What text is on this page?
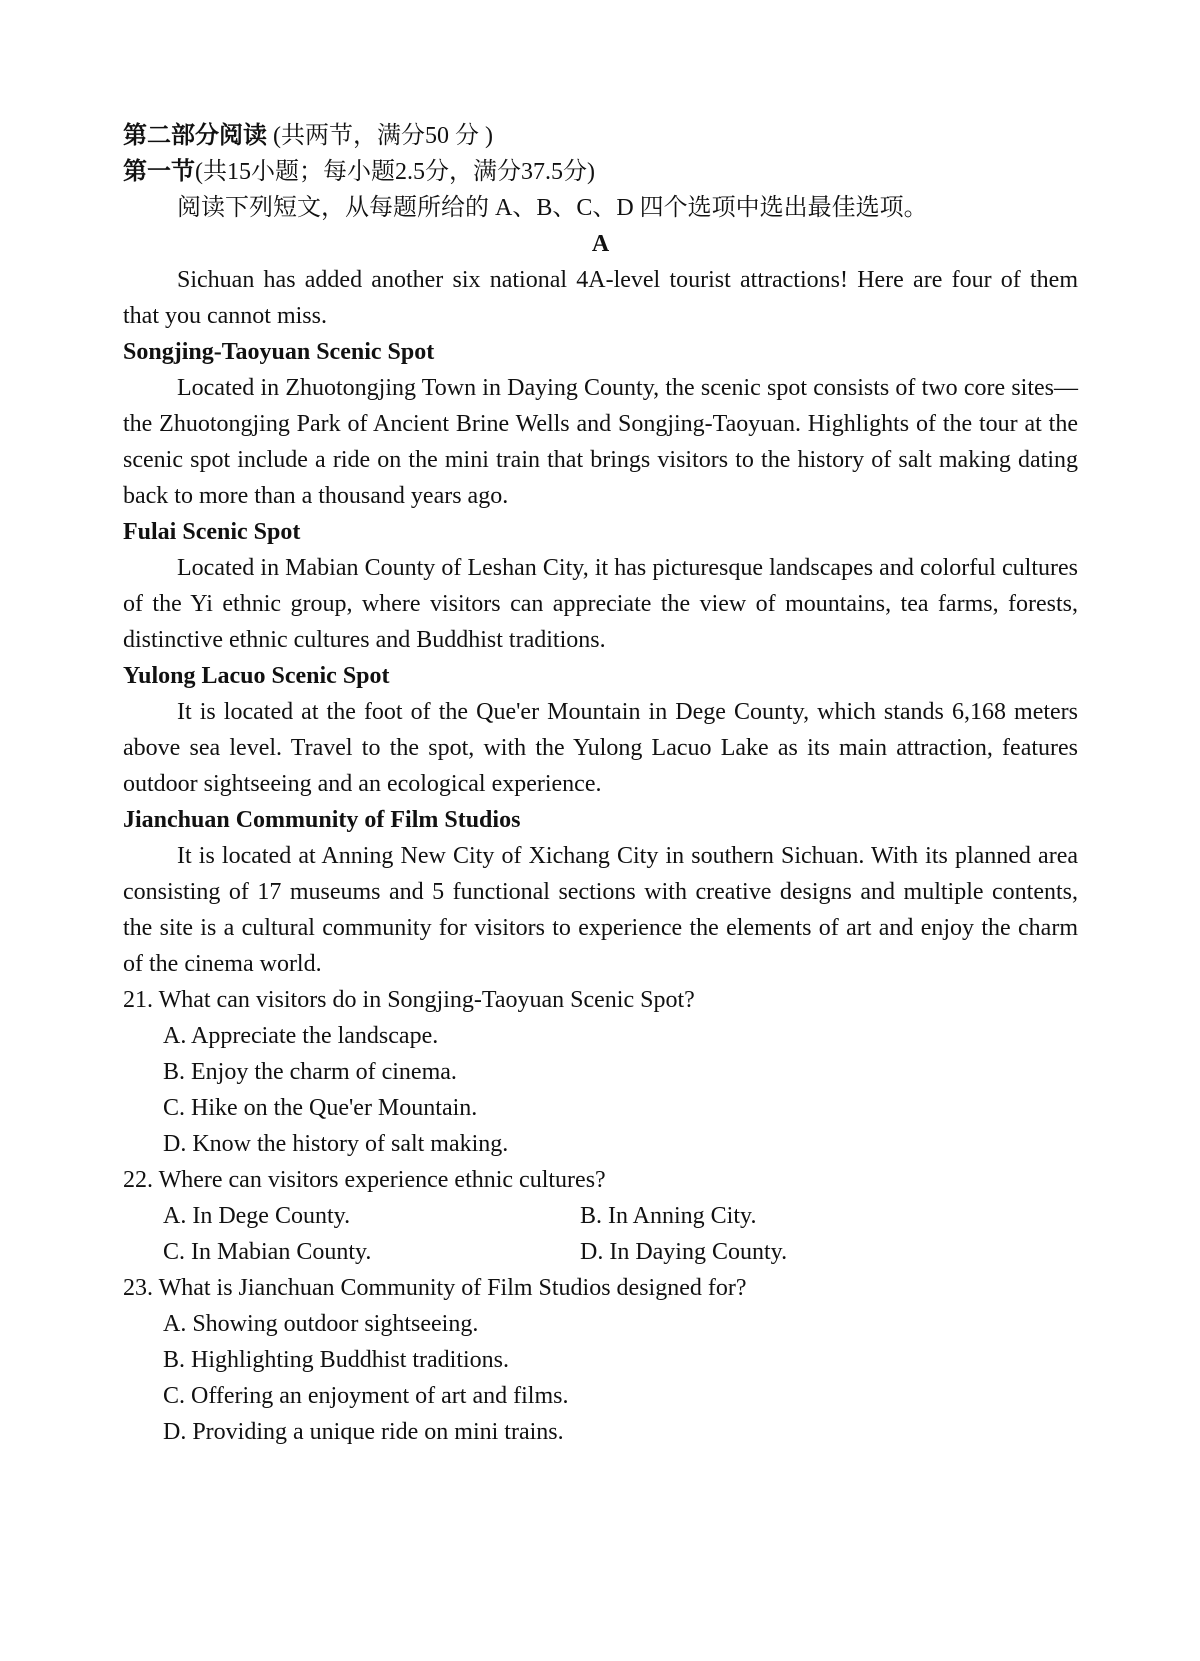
第二部分阅读 (共两节，满分50 分 )
第一节(共15小题；每小题2.5分，满分37.5分)
阅读下列短文，从每题所给的 A、B、C、D 四个选项中选出最佳选项。
A

Sichuan has added another six national 4A-level tourist attractions! Here are four of them that you cannot miss.

Songjing-Taoyuan Scenic Spot

Located in Zhuotongjing Town in Daying County, the scenic spot consists of two core sites— the Zhuotongjing Park of Ancient Brine Wells and Songjing-Taoyuan. Highlights of the tour at the scenic spot include a ride on the mini train that brings visitors to the history of salt making dating back to more than a thousand years ago.

Fulai Scenic Spot

Located in Mabian County of Leshan City, it has picturesque landscapes and colorful cultures of the Yi ethnic group, where visitors can appreciate the view of mountains, tea farms, forests, distinctive ethnic cultures and Buddhist traditions.

Yulong Lacuo Scenic Spot

It is located at the foot of the Que'er Mountain in Dege County, which stands 6,168 meters above sea level. Travel to the spot, with the Yulong Lacuo Lake as its main attraction, features outdoor sightseeing and an ecological experience.

Jianchuan Community of Film Studios

It is located at Anning New City of Xichang City in southern Sichuan. With its planned area consisting of 17 museums and 5 functional sections with creative designs and multiple contents, the site is a cultural community for visitors to experience the elements of art and enjoy the charm of the cinema world.

21. What can visitors do in Songjing-Taoyuan Scenic Spot?
A. Appreciate the landscape.
B. Enjoy the charm of cinema.
C. Hike on the Que'er Mountain.
D. Know the history of salt making.
22. Where can visitors experience ethnic cultures?
A. In Dege County.	B. In Anning City.
C. In Mabian County.	D. In Daying County.
23. What is Jianchuan Community of Film Studios designed for?
A. Showing outdoor sightseeing.
B. Highlighting Buddhist traditions.
C. Offering an enjoyment of art and films.
D. Providing a unique ride on mini trains.
